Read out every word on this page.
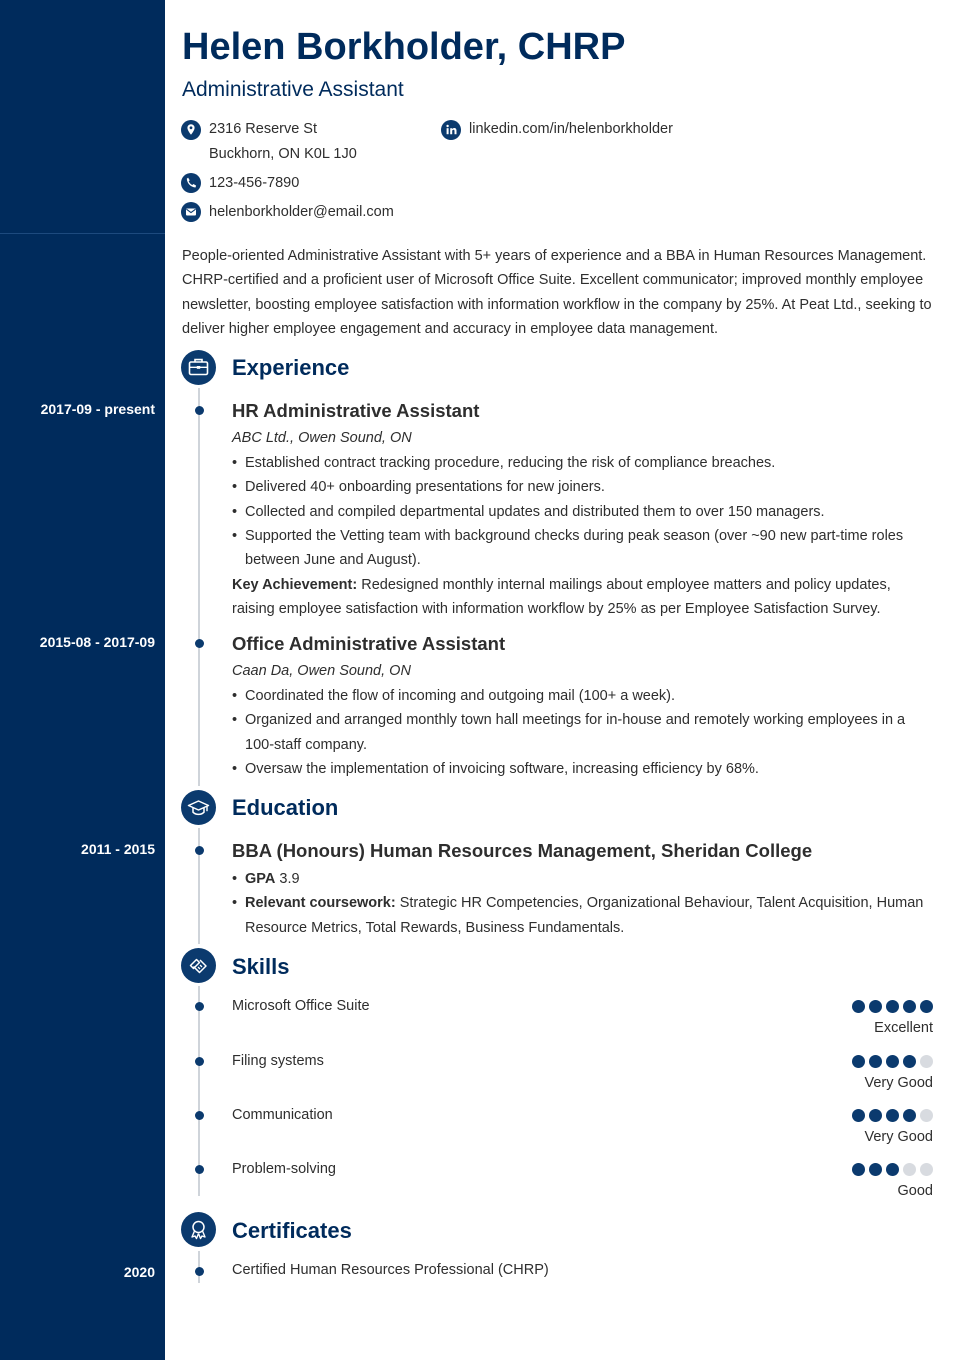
2017-09 - present
2015-08 - 2017-09
2011 - 2015
2020
Helen Borkholder, CHRP
Administrative Assistant
2316 Reserve St
Buckhorn, ON K0L 1J0
linkedin.com/in/helenborkholder
123-456-7890
helenborkholder@email.com
People-oriented Administrative Assistant with 5+ years of experience and a BBA in Human Resources Management. CHRP-certified and a proficient user of Microsoft Office Suite. Excellent communicator; improved monthly employee newsletter, boosting employee satisfaction with information workflow in the company by 25%. At Peat Ltd., seeking to deliver higher employee engagement and accuracy in employee data management.
Experience
HR Administrative Assistant
ABC Ltd., Owen Sound, ON
• Established contract tracking procedure, reducing the risk of compliance breaches.
• Delivered 40+ onboarding presentations for new joiners.
• Collected and compiled departmental updates and distributed them to over 150 managers.
• Supported the Vetting team with background checks during peak season (over ~90 new part-time roles between June and August).
Key Achievement: Redesigned monthly internal mailings about employee matters and policy updates, raising employee satisfaction with information workflow by 25% as per Employee Satisfaction Survey.
Office Administrative Assistant
Caan Da, Owen Sound, ON
• Coordinated the flow of incoming and outgoing mail (100+ a week).
• Organized and arranged monthly town hall meetings for in-house and remotely working employees in a 100-staff company.
• Oversaw the implementation of invoicing software, increasing efficiency by 68%.
Education
BBA (Honours) Human Resources Management, Sheridan College
• GPA 3.9
• Relevant coursework: Strategic HR Competencies, Organizational Behaviour, Talent Acquisition, Human Resource Metrics, Total Rewards, Business Fundamentals.
Skills
Certificates
Certified Human Resources Professional (CHRP)
Microsoft Office Suite
Excellent
Filing systems
Very Good
Communication
Very Good
Problem-solving
Good
